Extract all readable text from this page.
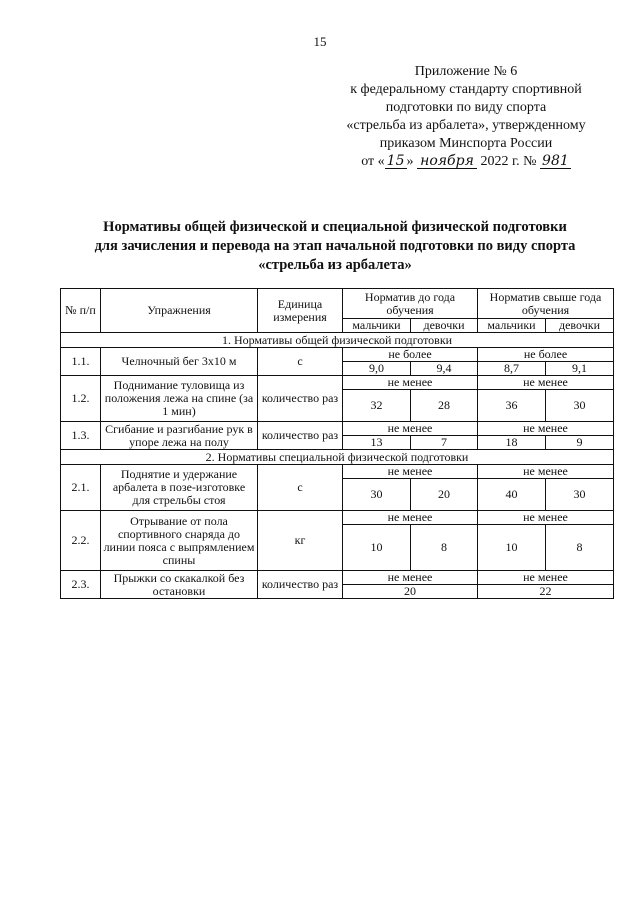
15
Приложение № 6
к федеральному стандарту спортивной
подготовки по виду спорта
«стрельба из арбалета», утвержденному
приказом Минспорта России
от « 15 » ноября 2022 г. № 981
Нормативы общей физической и специальной физической подготовки
для зачисления и перевода на этап начальной подготовки по виду спорта
«стрельба из арбалета»
№ п/п	Упражнения	Единица измерения	Норматив до года обучения		Норматив свыше года обучения	
			мальчики	девочки	мальчики	девочки
1. Нормативы общей физической подготовки						
1.1.	Челночный бег 3x10 м	с	не более		не более	
			9,0	9,4	8,7	9,1
1.2.	Поднимание туловища из положения лежа на спине (за 1 мин)	количество раз	не менее		не менее	
			32	28	36	30
1.3.	Сгибание и разгибание рук в упоре лежа на полу	количество раз	не менее		не менее	
			13	7	18	9
2. Нормативы специальной физической подготовки						
2.1.	Поднятие и удержание арбалета в позе-изготовке для стрельбы стоя	с	не менее		не менее	
			30	20	40	30
2.2.	Отрывание от пола спортивного снаряда до линии пояса с выпрямлением спины	кг	не менее		не менее	
			10	8	10	8
2.3.	Прыжки со скакалкой без остановки	количество раз	не менее		не менее	
			20		22	
